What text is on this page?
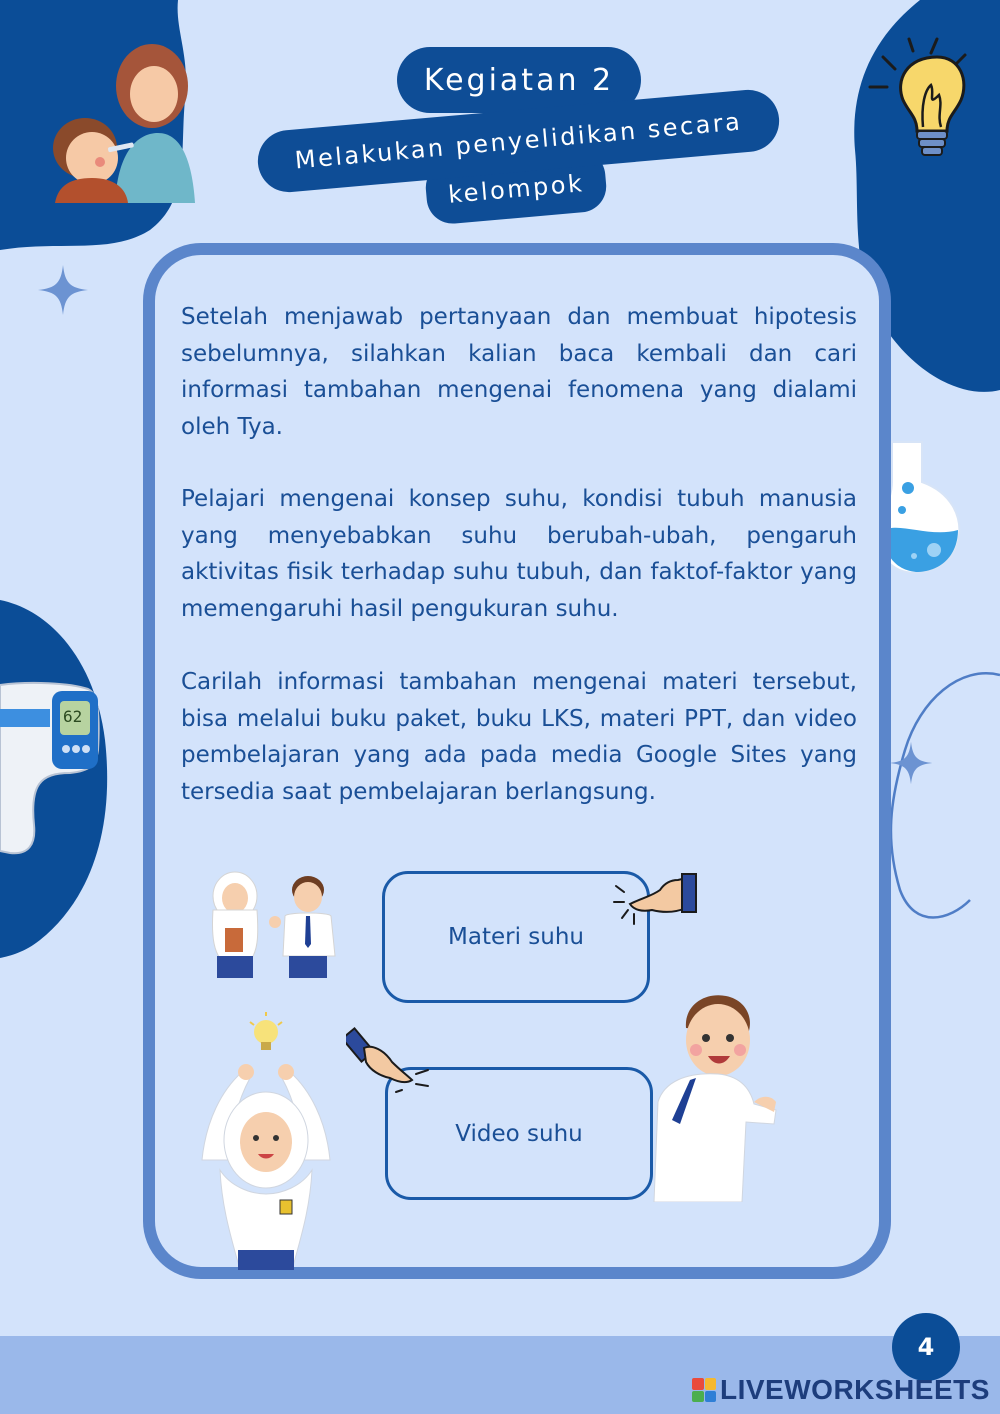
62
Kegiatan 2
kelompok
Melakukan penyelidikan secara

Setelah menjawab pertanyaan dan membuat hipotesis sebelumnya, silahkan kalian baca kembali dan cari informasi tambahan mengenai fenomena yang dialami oleh Tya.

Pelajari mengenai konsep suhu, kondisi tubuh manusia yang menyebabkan suhu berubah-ubah, pengaruh aktivitas fisik terhadap suhu tubuh, dan faktof-faktor yang memengaruhi hasil pengukuran suhu.

Carilah informasi tambahan mengenai materi tersebut, bisa melalui buku paket, buku LKS, materi PPT, dan video pembelajaran yang ada pada media Google Sites yang tersedia saat pembelajaran berlangsung.

Materi suhu
Video suhu
4
LIVEWORKSHEETS
